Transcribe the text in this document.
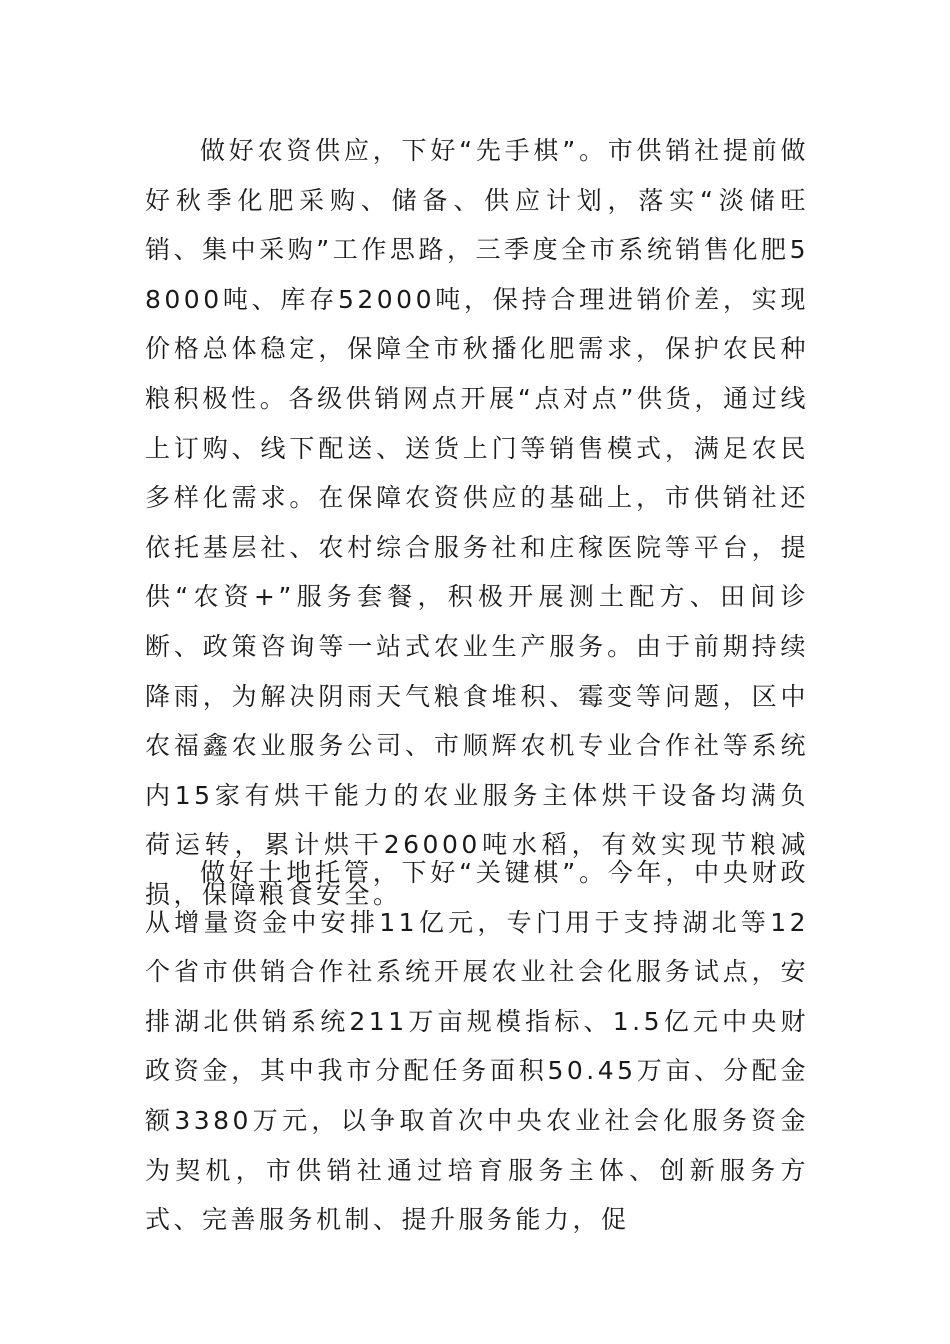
做好农资供应，下好“先手棋”。市供销社提前做好秋季化肥采购、储备、供应计划，落实“淡储旺销、集中采购”工作思路，三季度全市系统销售化肥58000吨、库存52000吨，保持合理进销价差，实现价格总体稳定，保障全市秋播化肥需求，保护农民种粮积极性。各级供销网点开展“点对点”供货，通过线上订购、线下配送、送货上门等销售模式，满足农民多样化需求。在保障农资供应的基础上，市供销社还依托基层社、农村综合服务社和庄稼医院等平台，提供“农资+”服务套餐，积极开展测土配方、田间诊断、政策咨询等一站式农业生产服务。由于前期持续降雨，为解决阴雨天气粮食堆积、霉变等问题，区中农福鑫农业服务公司、市顺辉农机专业合作社等系统内15家有烘干能力的农业服务主体烘干设备均满负荷运转，累计烘干26000吨水稻，有效实现节粮减损，保障粮食安全。

做好土地托管，下好“关键棋”。今年，中央财政从增量资金中安排11亿元，专门用于支持湖北等12个省市供销合作社系统开展农业社会化服务试点，安排湖北供销系统211万亩规模指标、1.5亿元中央财政资金，其中我市分配任务面积50.45万亩、分配金额3380万元，以争取首次中央农业社会化服务资金为契机，市供销社通过培育服务主体、创新服务方式、完善服务机制、提升服务能力，促
